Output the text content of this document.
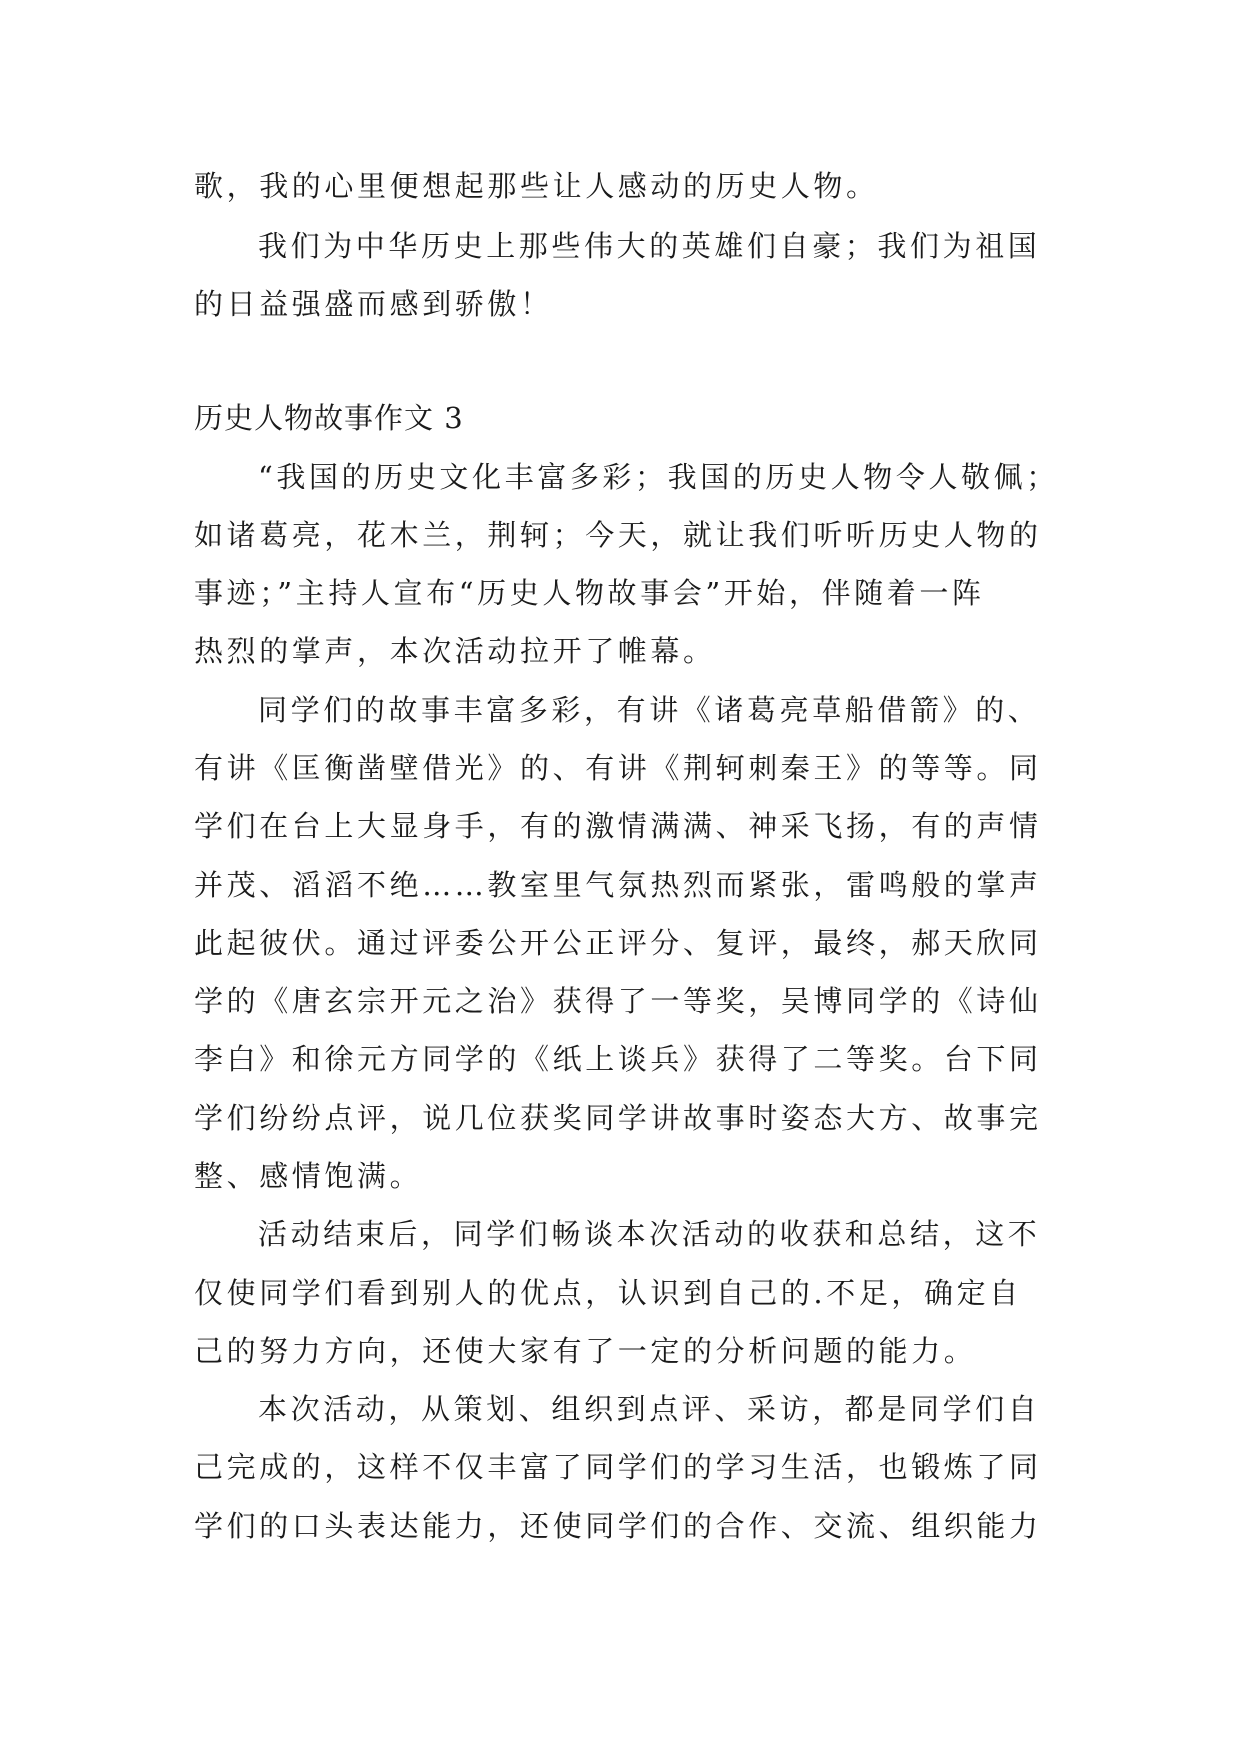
歌，我的心里便想起那些让人感动的历史人物。
我们为中华历史上那些伟大的英雄们自豪；我们为祖国
的日益强盛而感到骄傲！
历史人物故事作文 3
“我国的历史文化丰富多彩；我国的历史人物令人敬佩；
如诸葛亮，花木兰，荆轲；今天，就让我们听听历史人物的
事迹；”主持人宣布“历史人物故事会”开始，伴随着一阵
热烈的掌声，本次活动拉开了帷幕。
同学们的故事丰富多彩，有讲《诸葛亮草船借箭》的、
有讲《匡衡凿壁借光》的、有讲《荆轲刺秦王》的等等。同
学们在台上大显身手，有的激情满满、神采飞扬，有的声情
并茂、滔滔不绝……教室里气氛热烈而紧张，雷鸣般的掌声
此起彼伏。通过评委公开公正评分、复评，最终，郝天欣同
学的《唐玄宗开元之治》获得了一等奖，吴博同学的《诗仙
李白》和徐元方同学的《纸上谈兵》获得了二等奖。台下同
学们纷纷点评，说几位获奖同学讲故事时姿态大方、故事完
整、感情饱满。
活动结束后，同学们畅谈本次活动的收获和总结，这不
仅使同学们看到别人的优点，认识到自己的.不足，确定自
己的努力方向，还使大家有了一定的分析问题的能力。
本次活动，从策划、组织到点评、采访，都是同学们自
己完成的，这样不仅丰富了同学们的学习生活，也锻炼了同
学们的口头表达能力，还使同学们的合作、交流、组织能力
